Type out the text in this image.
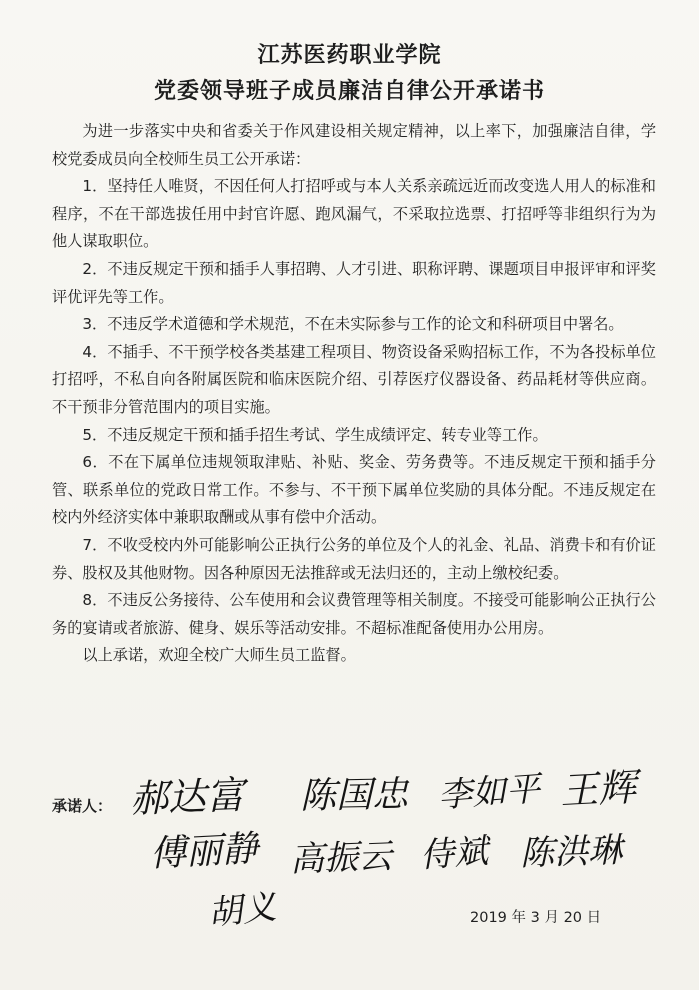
江苏医药职业学院
党委领导班子成员廉洁自律公开承诺书

为进一步落实中央和省委关于作风建设相关规定精神，以上率下，加强廉洁自律，学校党委成员向全校师生员工公开承诺：

1．坚持任人唯贤，不因任何人打招呼或与本人关系亲疏远近而改变选人用人的标准和程序，不在干部选拔任用中封官许愿、跑风漏气，不采取拉选票、打招呼等非组织行为为他人谋取职位。

2．不违反规定干预和插手人事招聘、人才引进、职称评聘、课题项目申报评审和评奖评优评先等工作。

3．不违反学术道德和学术规范，不在未实际参与工作的论文和科研项目中署名。

4．不插手、不干预学校各类基建工程项目、物资设备采购招标工作，不为各投标单位打招呼，不私自向各附属医院和临床医院介绍、引荐医疗仪器设备、药品耗材等供应商。不干预非分管范围内的项目实施。

5．不违反规定干预和插手招生考试、学生成绩评定、转专业等工作。

6．不在下属单位违规领取津贴、补贴、奖金、劳务费等。不违反规定干预和插手分管、联系单位的党政日常工作。不参与、不干预下属单位奖励的具体分配。不违反规定在校内外经济实体中兼职取酬或从事有偿中介活动。

7．不收受校内外可能影响公正执行公务的单位及个人的礼金、礼品、消费卡和有价证券、股权及其他财物。因各种原因无法推辞或无法归还的，主动上缴校纪委。

8．不违反公务接待、公车使用和会议费管理等相关制度。不接受可能影响公正执行公务的宴请或者旅游、健身、娱乐等活动安排。不超标准配备使用办公用房。

以上承诺，欢迎全校广大师生员工监督。

承诺人： 郝达富 陈国忠 李如平 王辉
傅丽静 高振云 侍斌 陈洪琳
胡义	2019 年 3 月 20 日
